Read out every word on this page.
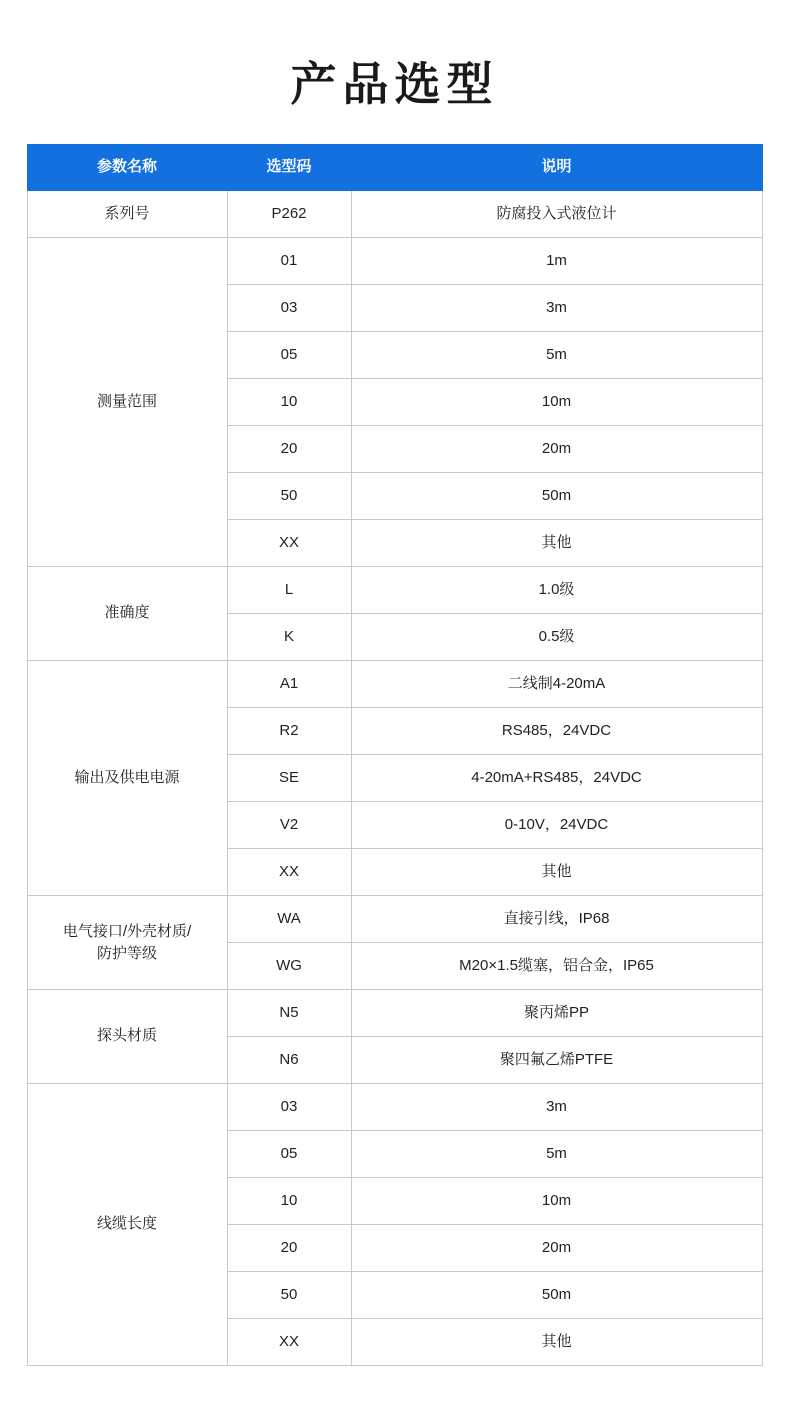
产品选型
参数名称	选型码	说明
系列号	P262	防腐投入式液位计
测量范围	01	1m
	03	3m
	05	5m
	10	10m
	20	20m
	50	50m
	XX	其他
准确度	L	1.0级
	K	0.5级
输出及供电电源	A1	二线制4-20mA
	R2	RS485，24VDC
	SE	4-20mA+RS485，24VDC
	V2	0-10V，24VDC
	XX	其他
电气接口/外壳材质/
防护等级	WA	直接引线，IP68
	WG	M20×1.5缆塞，铝合金，IP65
探头材质	N5	聚丙烯PP
	N6	聚四氟乙烯PTFE
线缆长度	03	3m
	05	5m
	10	10m
	20	20m
	50	50m
	XX	其他
